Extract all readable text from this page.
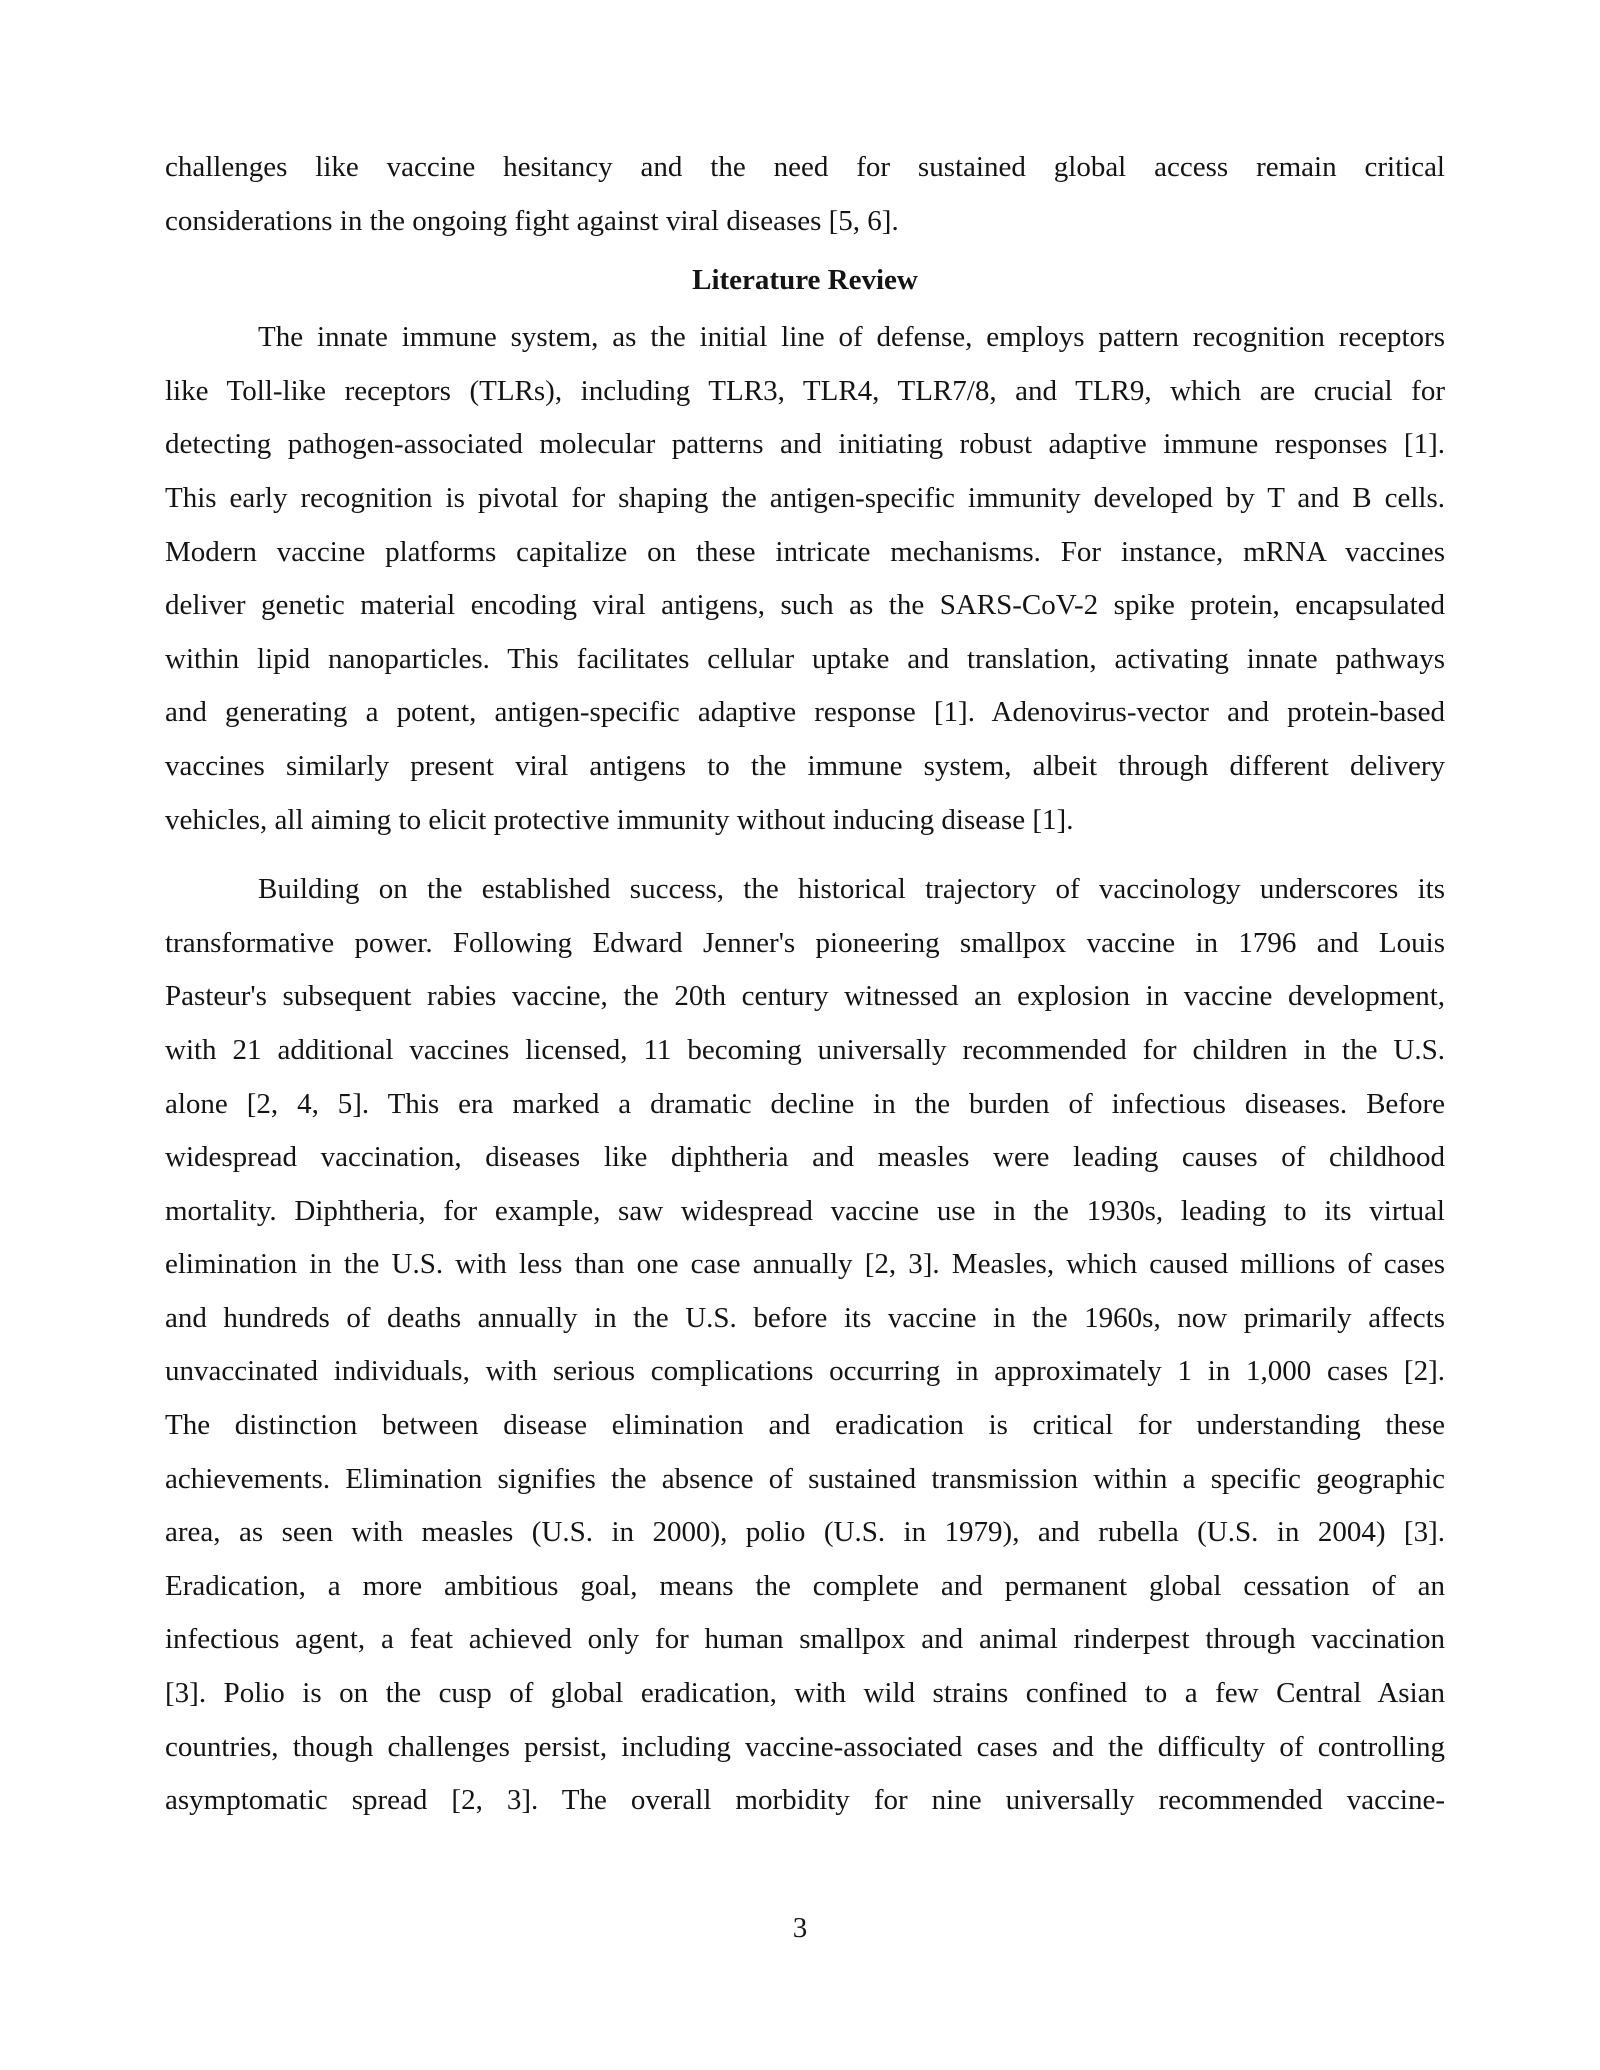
challenges like vaccine hesitancy and the need for sustained global access remain critical
considerations in the ongoing fight against viral diseases [5, 6].
Literature Review
The innate immune system, as the initial line of defense, employs pattern recognition receptors
like Toll-like receptors (TLRs), including TLR3, TLR4, TLR7/8, and TLR9, which are crucial for
detecting pathogen-associated molecular patterns and initiating robust adaptive immune responses [1].
This early recognition is pivotal for shaping the antigen-specific immunity developed by T and B cells.
Modern vaccine platforms capitalize on these intricate mechanisms. For instance, mRNA vaccines
deliver genetic material encoding viral antigens, such as the SARS-CoV-2 spike protein, encapsulated
within lipid nanoparticles. This facilitates cellular uptake and translation, activating innate pathways
and generating a potent, antigen-specific adaptive response [1]. Adenovirus-vector and protein-based
vaccines similarly present viral antigens to the immune system, albeit through different delivery
vehicles, all aiming to elicit protective immunity without inducing disease [1].
Building on the established success, the historical trajectory of vaccinology underscores its
transformative power. Following Edward Jenner's pioneering smallpox vaccine in 1796 and Louis
Pasteur's subsequent rabies vaccine, the 20th century witnessed an explosion in vaccine development,
with 21 additional vaccines licensed, 11 becoming universally recommended for children in the U.S.
alone [2, 4, 5]. This era marked a dramatic decline in the burden of infectious diseases. Before
widespread vaccination, diseases like diphtheria and measles were leading causes of childhood
mortality. Diphtheria, for example, saw widespread vaccine use in the 1930s, leading to its virtual
elimination in the U.S. with less than one case annually [2, 3]. Measles, which caused millions of cases
and hundreds of deaths annually in the U.S. before its vaccine in the 1960s, now primarily affects
unvaccinated individuals, with serious complications occurring in approximately 1 in 1,000 cases [2].
The distinction between disease elimination and eradication is critical for understanding these
achievements. Elimination signifies the absence of sustained transmission within a specific geographic
area, as seen with measles (U.S. in 2000), polio (U.S. in 1979), and rubella (U.S. in 2004) [3].
Eradication, a more ambitious goal, means the complete and permanent global cessation of an
infectious agent, a feat achieved only for human smallpox and animal rinderpest through vaccination
[3]. Polio is on the cusp of global eradication, with wild strains confined to a few Central Asian
countries, though challenges persist, including vaccine-associated cases and the difficulty of controlling
asymptomatic spread [2, 3]. The overall morbidity for nine universally recommended vaccine-
3
